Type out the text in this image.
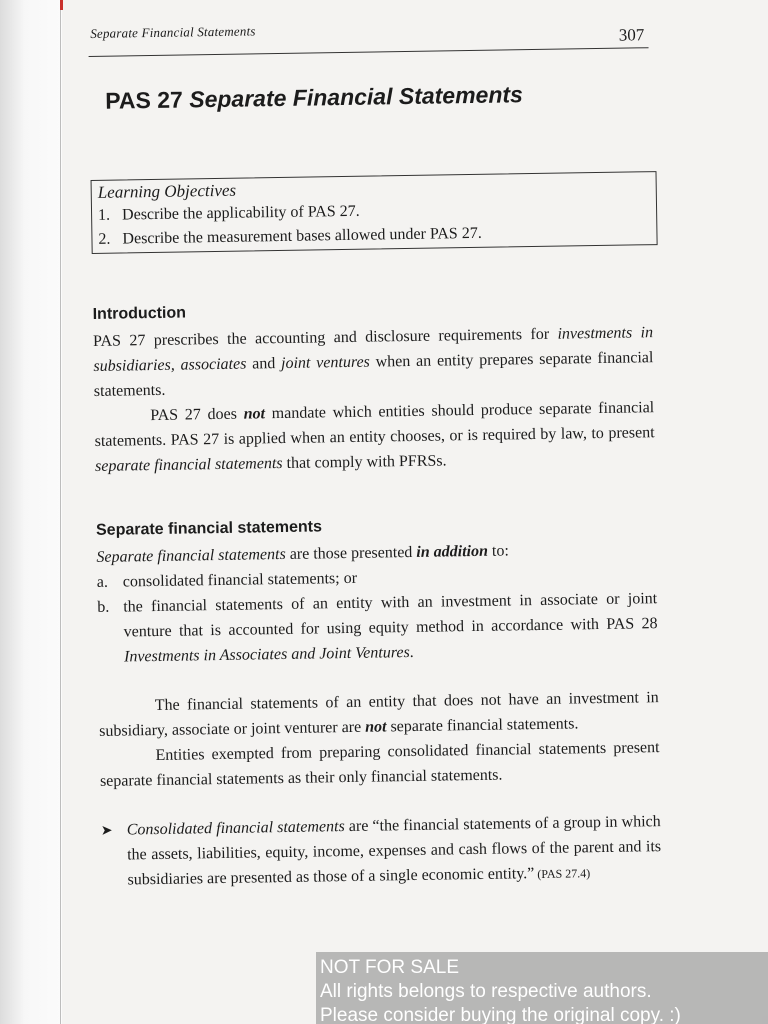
Separate Financial Statements	307
PAS 27 Separate Financial Statements
Learning Objectives
1. Describe the applicability of PAS 27.
2. Describe the measurement bases allowed under PAS 27.
Introduction

PAS 27 prescribes the accounting and disclosure requirements for investments in subsidiaries, associates and joint ventures when an entity prepares separate financial statements.

PAS 27 does not mandate which entities should produce separate financial statements. PAS 27 is applied when an entity chooses, or is required by law, to present separate financial statements that comply with PFRSs.

Separate financial statements

Separate financial statements are those presented in addition to:

a. consolidated financial statements; or
b. the financial statements of an entity with an investment in associate or joint venture that is accounted for using equity method in accordance with PAS 28 Investments in Associates and Joint Ventures.

The financial statements of an entity that does not have an investment in subsidiary, associate or joint venturer are not separate financial statements.

Entities exempted from preparing consolidated financial statements present separate financial statements as their only financial statements.

➤ Consolidated financial statements are “the financial statements of a group in which the assets, liabilities, equity, income, expenses and cash flows of the parent and its subsidiaries are presented as those of a single economic entity.” (PAS 27.4)
NOT FOR SALE
All rights belongs to respective authors.
Please consider buying the original copy. :)
